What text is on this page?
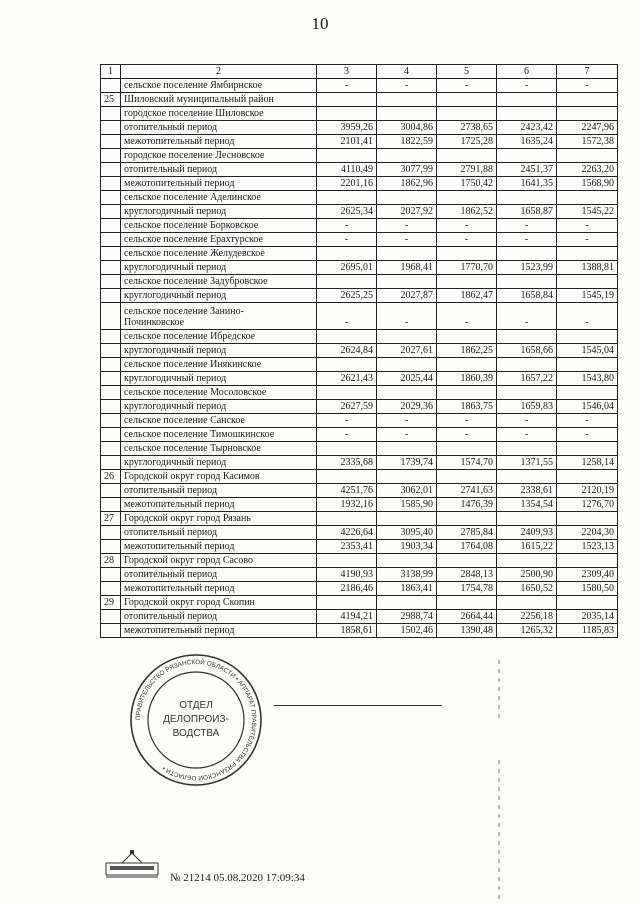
10
1	2	3	4	5	6	7
	сельское поселение Ямбирнское	-	-	-	-	-
25	Шиловский муниципальный район					
	городское поселение Шиловское					
	отопительный период	3959,26	3004,86	2738,65	2423,42	2247,96
	межотопительный период	2101,41	1822,59	1725,28	1635,24	1572,38
	городское поселение Лесновское					
	отопительный период	4110,49	3077,99	2791,88	2451,37	2263,20
	межотопительный период	2201,16	1862,96	1750,42	1641,35	1568,90
	сельское поселение Аделинское					
	круглогодичный период	2625,34	2027,92	1862,52	1658,87	1545,22
	сельское поселение Борковское	-	-	-	-	-
	сельское поселение Ерахтурское	-	-	-	-	-
	сельское поселение Желудевское					
	круглогодичный период	2695,01	1968,41	1770,70	1523,99	1388,81
	сельское поселение Задубровское					
	круглогодичный период	2625,25	2027,87	1862,47	1658,84	1545,19

	сельское поселение Занино-
Починковское	-	-	-	-	-
	сельское поселение Ибредское					
	круглогодичный период	2624,84	2027,61	1862,25	1658,66	1545,04
	сельское поселение Инякинское					
	круглогодичный период	2621,43	2025,44	1860,39	1657,22	1543,80
	сельское поселение Мосоловское					
	круглогодичный период	2627,59	2029,36	1863,75	1659,83	1546,04
	сельское поселение Санское	-	-	-	-	-
	сельское поселение Тимошкинское	-	-	-	-	-
	сельское поселение Тырновское					
	круглогодичный период	2335,68	1739,74	1574,70	1371,55	1258,14
26	Городской округ город Касимов					
	отопительный период	4251,76	3062,01	2741,63	2338,61	2120,19
	межотопительный период	1932,16	1585,90	1476,39	1354,54	1276,70
27	Городской округ город Рязань					
	отопительный период	4226,64	3095,40	2785,84	2409,93	2204,30
	межотопительный период	2353,41	1903,34	1764,08	1615,22	1523,13
28	Городской округ город Сасово					
	отопительный период	4190,93	3138,99	2848,13	2500,90	2309,40
	межотопительный период	2186,46	1863,41	1754,78	1650,52	1580,50
29	Городской округ город Скопин					
	отопительный период	4194,21	2988,74	2664,44	2256,18	2035,14
	межотопительный период	1858,61	1502,46	1390,48	1265,32	1185,83
ПРАВИТЕЛЬСТВО РЯЗАНСКОЙ ОБЛАСТИ • АППАРАТ ПРАВИТЕЛЬСТВА РЯЗАНСКОЙ ОБЛАСТИ •
ОТДЕЛ
ДЕЛОПРОИЗ-
ВОДСТВА
№ 21214 05.08.2020 17:09:34
